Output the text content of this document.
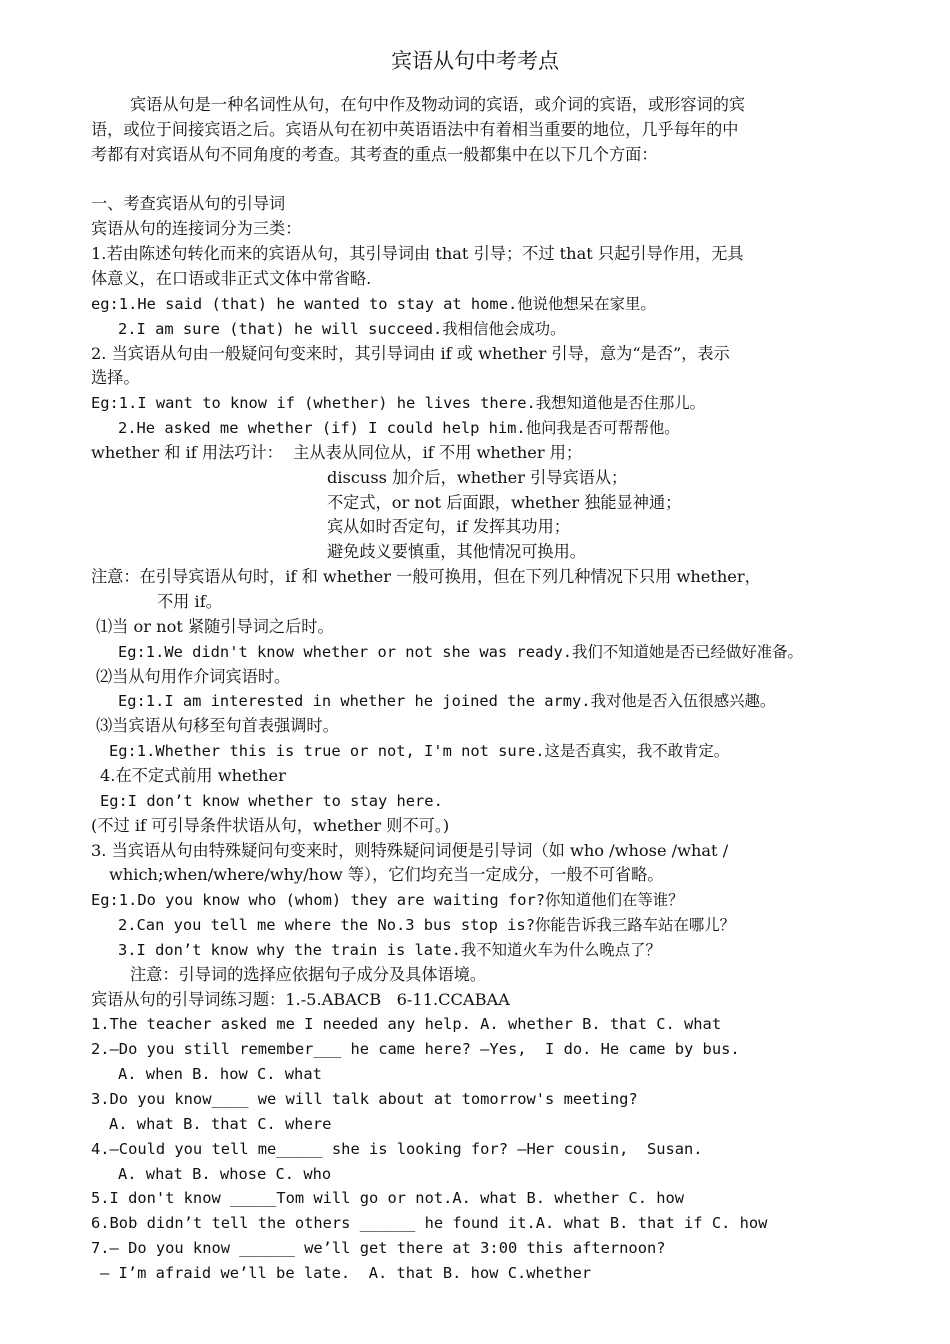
宾语从句中考考点
宾语从句是一种名词性从句，在句中作及物动词的宾语，或介词的宾语，或形容词的宾
语，或位于间接宾语之后。宾语从句在初中英语语法中有着相当重要的地位，几乎每年的中
考都有对宾语从句不同角度的考查。其考查的重点一般都集中在以下几个方面：
一、考查宾语从句的引导词
宾语从句的连接词分为三类：
1.若由陈述句转化而来的宾语从句，其引导词由 that 引导；不过 that 只起引导作用，无具
体意义，在口语或非正式文体中常省略.
eg:1.He said (that) he wanted to stay at home.他说他想呆在家里。
2.I am sure (that) he will succeed.我相信他会成功。
2. 当宾语从句由一般疑问句变来时，其引导词由 if 或 whether 引导，意为“是否”，表示
选择。
Eg:1.I want to know if (whether) he lives there.我想知道他是否住那儿。
2.He asked me whether (if) I could help him.他问我是否可帮帮他。
whether 和 if 用法巧计：  主从表从同位从，if 不用 whether 用；
discuss 加介后，whether 引导宾语从；
不定式，or not 后面跟，whether 独能显神通；
宾从如时否定句，if 发挥其功用；
避免歧义要慎重，其他情况可换用。
注意：在引导宾语从句时，if 和 whether 一般可换用，但在下列几种情况下只用 whether，
不用 if。
⑴当 or not 紧随引导词之后时。
Eg:1.We didn't know whether or not she was ready.我们不知道她是否已经做好准备。
⑵当从句用作介词宾语时。
Eg:1.I am interested in whether he joined the army.我对他是否入伍很感兴趣。
⑶当宾语从句移至句首表强调时。
Eg:1.Whether this is true or not, I'm not sure.这是否真实，我不敢肯定。
4.在不定式前用 whether
Eg:I don’t know whether to stay here.
(不过 if 可引导条件状语从句，whether 则不可。)
3. 当宾语从句由特殊疑问句变来时，则特殊疑问词便是引导词（如 who /whose /what /
which;when/where/why/how 等），它们均充当一定成分，一般不可省略。
Eg:1.Do you know who (whom) they are waiting for?你知道他们在等谁？
2.Can you tell me where the No.3 bus stop is?你能告诉我三路车站在哪儿？
3.I don’t know why the train is late.我不知道火车为什么晚点了？
注意：引导词的选择应依据句子成分及具体语境。
宾语从句的引导词练习题：1.-5.ABACB   6-11.CCABAA
1.The teacher asked me I needed any help. A. whether B. that C. what
2.—Do you still remember___ he came here? —Yes,  I do. He came by bus.
A. when B. how C. what
3.Do you know____ we will talk about at tomorrow's meeting?
A. what B. that C. where
4.—Could you tell me_____ she is looking for? —Her cousin,  Susan.
A. what B. whose C. who
5.I don't know _____Tom will go or not.A. what B. whether C. how
6.Bob didn’t tell the others ______ he found it.A. what B. that if C. how
7.— Do you know ______ we’ll get there at 3:00 this afternoon?
— I’m afraid we’ll be late.  A. that B. how C.whether
